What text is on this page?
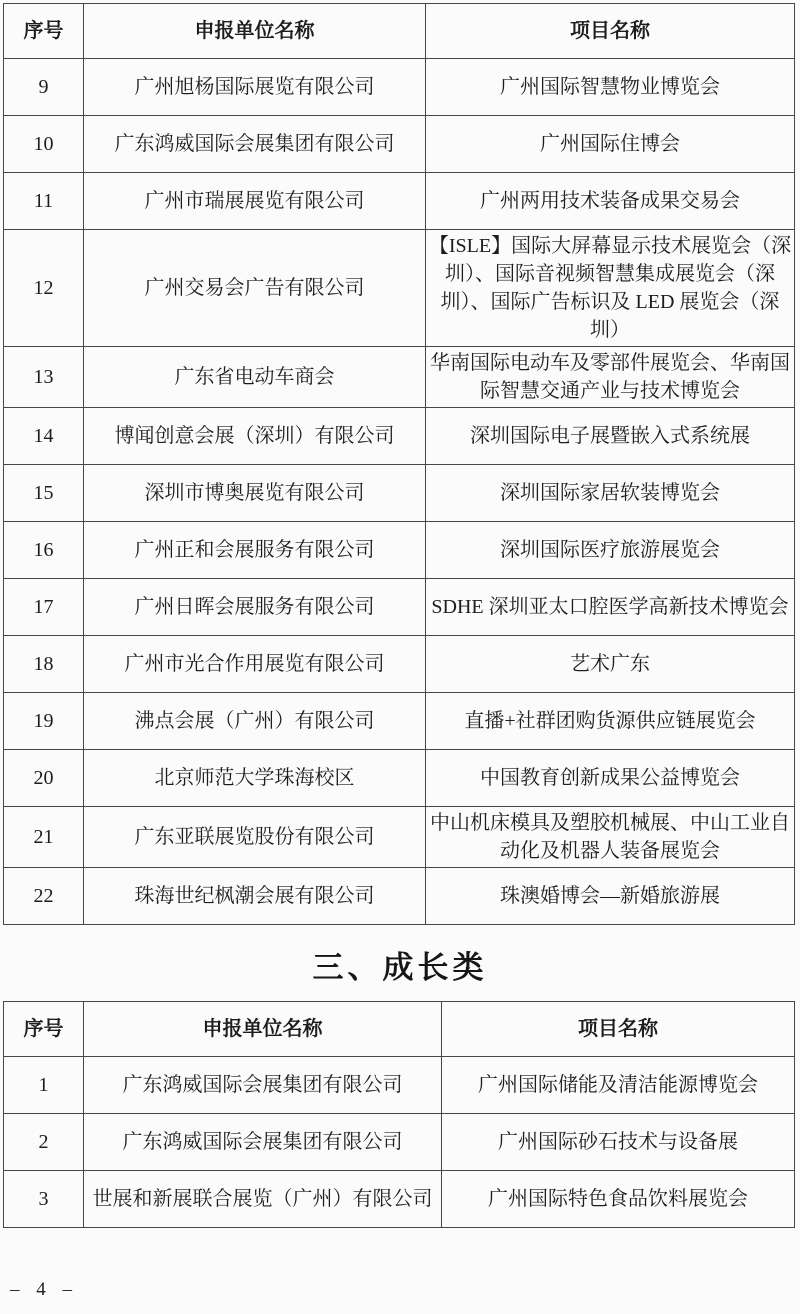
序号	申报单位名称	项目名称
9	广州旭杨国际展览有限公司	广州国际智慧物业博览会
10	广东鸿威国际会展集团有限公司	广州国际住博会
11	广州市瑞展展览有限公司	广州两用技术装备成果交易会
12	广州交易会广告有限公司	【ISLE】国际大屏幕显示技术展览会（深圳）、国际音视频智慧集成展览会（深圳）、国际广告标识及 LED 展览会（深圳）
13	广东省电动车商会	华南国际电动车及零部件展览会、华南国际智慧交通产业与技术博览会
14	博闻创意会展（深圳）有限公司	深圳国际电子展暨嵌入式系统展
15	深圳市博奥展览有限公司	深圳国际家居软装博览会
16	广州正和会展服务有限公司	深圳国际医疗旅游展览会
17	广州日晖会展服务有限公司	SDHE 深圳亚太口腔医学高新技术博览会
18	广州市光合作用展览有限公司	艺术广东
19	沸点会展（广州）有限公司	直播+社群团购货源供应链展览会
20	北京师范大学珠海校区	中国教育创新成果公益博览会
21	广东亚联展览股份有限公司	中山机床模具及塑胶机械展、中山工业自动化及机器人装备展览会
22	珠海世纪枫潮会展有限公司	珠澳婚博会—新婚旅游展
三、成长类
序号	申报单位名称	项目名称
1	广东鸿威国际会展集团有限公司	广州国际储能及清洁能源博览会
2	广东鸿威国际会展集团有限公司	广州国际砂石技术与设备展
3	世展和新展联合展览（广州）有限公司	广州国际特色食品饮料展览会
– 4 –
